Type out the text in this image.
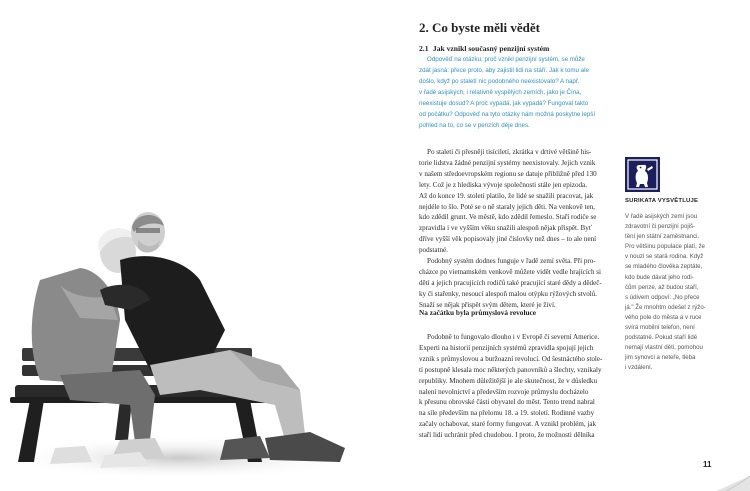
2. Co byste měli vědět
2.1 Jak vznikl současný penzijní systém
Odpověď na otázku, proč vznikl penzijní systém, se může
zdát jasná: přece proto, aby zajistil lidi na stáří. Jak k tomu ale
došlo, když po staletí nic podobného neexistovalo? A např.
v řadě asijských, i relativně vyspělých zemích, jako je Čína,
neexistuje dosud? A proč vypadá, jak vypadá? Fungoval takto
od počátku? Odpověď na tyto otázky nám možná poskytne lepší
pohled na to, co se v penzích děje dnes.
Po staletí či přesněji tisíciletí, zkrátka v drtivé většině his-
torie lidstva žádné penzijní systémy neexistovaly. Jejich vznik
v našem středoevropském regionu se datuje přibližně před 130
lety. Což je z hlediska vývoje společnosti stále jen epizoda.
Až do konce 19. století platilo, že lidé se snažili pracovat, jak
nejdéle to šlo. Poté se o ně staraly jejich děti. Na venkově ten,
kdo zdědil grunt. Ve městě, kdo zdědil řemeslo. Staří rodiče se
zpravidla i ve vyšším věku snažili alespoň nějak přispět. Byť
dříve vyšší věk popisovaly jiné číslovky než dnes – to ale není
podstatné.
Podobný systém dodnes funguje v řadě zemí světa. Při pro-
cházce po vietnamském venkově můžete vidět vedle hrajících si
dětí a jejich pracujících rodičů také pracující staré dědy a dědeč-
ky či stařenky, nesoucí alespoň malou otýpku rýžových stvolů.
Snaží se nějak přispět svým dětem, které je živí.
Na začátku byla průmyslová revoluce
Podobně to fungovalo dlouho i v Evropě či severní Americe.
Experti na historii penzijních systémů zpravidla spojují jejich
vznik s průmyslovou a buržoazní revolucí. Od šestnáctého stole-
tí postupně klesala moc některých panovníků a šlechty, vznikaly
republiky. Mnohem důležitější je ale skutečnost, že v důsledku
nalení nevolnictví a především rozvoje průmyslu docházelo
k přesunu obrovské části obyvatel do měst. Tento trend nabral
na síle především na přelomu 18. a 19. století. Rodinné vazby
začaly ochabovat, staré formy fungovat. A vznikl problém, jak
staří lidi uchránit před chudobou. I proto, že možnosti dělníka
SURIKATA VYSVĚTLUJE
V řadě asijských zemí jsou
zdravotní či penzijní pojiš-
tění jen státní zaměstnanci.
Pro většinu populace platí, že
v nouzi se stará rodina. Když
se mladého člověka zeptáte,
kdo bude dávat jeho rodi-
čům penze, až budou staří,
s údivem odpoví: „No přece
já." Že mnohtm odešel z rýžo-
vého pole do města a v ruce
svírá mobilní telefon, není
podstatné. Pokud staří lidé
nemají vlastní děti, pomohou
jim synovci a neteře, tleba
i vzdálení.
11
